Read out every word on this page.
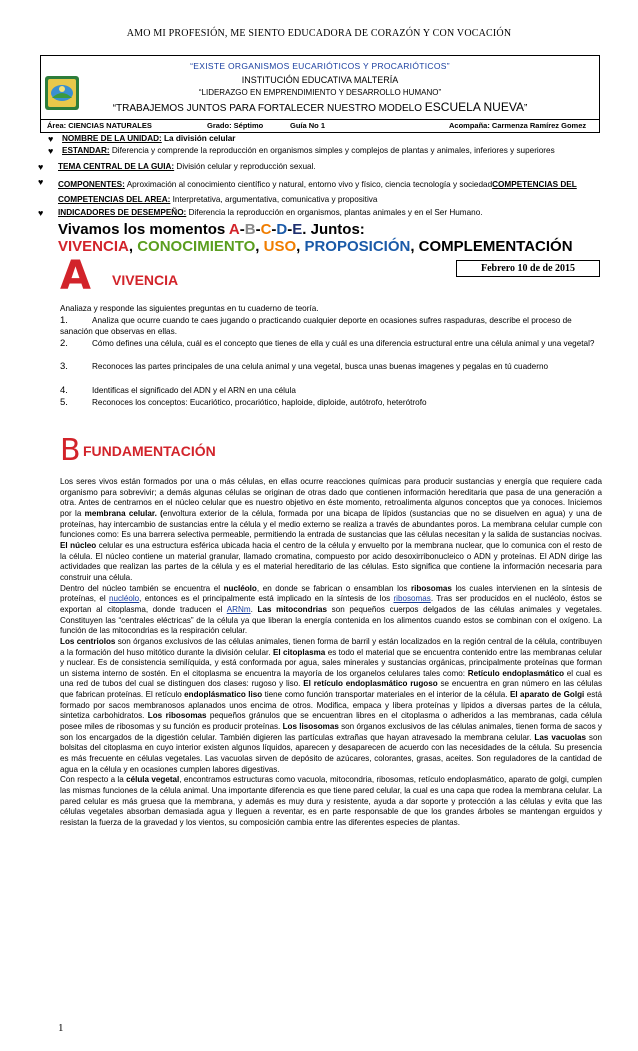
AMO MI PROFESIÓN, ME SIENTO EDUCADORA DE CORAZÓN Y CON VOCACIÓN
“EXISTE ORGANISMOS EUCARIÓTICOS Y PROCARIÓTICOS”
INSTITUCIÓN EDUCATIVA MALTERÍA
“LIDERAZGO EN EMPRENDIMIENTO Y DESARROLLO HUMANO”
“TRABAJEMOS JUNTOS PARA FORTALECER NUESTRO MODELO ESCUELA NUEVA”
Área: CIENCIAS NATURALES	Grado: Séptimo	Guía No 1	Acompaña: Carmenza Ramírez Gomez
♥ NOMBRE DE LA UNIDAD: La división celular
♥ ESTANDAR: Diferencia y comprende la reproducción en organismos simples y complejos de plantas y animales, inferiores y superiores
♥ TEMA CENTRAL DE LA GUIA: División celular y reproducción sexual.
♥ COMPONENTES: Aproximación al conocimiento científico y natural, entorno vivo y físico, ciencia tecnología y sociedadCOMPETENCIAS DEL COMPETENCIAS DEL AREA: Interpretativa, argumentativa, comunicativa y propositiva
♥ INDICADORES DE DESEMPEÑO: Diferencia la reproducción en organismos, plantas animales y en el Ser Humano.
Vivamos los momentos A-B-C-D-E. Juntos:
VIVENCIA, CONOCIMIENTO, USO, PROPOSICIÓN, COMPLEMENTACIÓN
Febrero 10 de de 2015
A VIVENCIA
Analiaza y responde las siguientes preguntas en tu cuaderno de teoría.
1.	Analiza que ocurre cuando te caes jugando o practicando cualquier deporte en ocasiones sufres raspaduras, describe el proceso de sanación que observas en ellas.
2.	Cómo defines una célula, cuál es el concepto que tienes de ella y cuál es una diferencia estructural entre una célula animal y una vegetal?
3.	Reconoces las partes principales de una celula animal y una vegetal, busca unas buenas imagenes y pegalas en tú cuaderno
4.	Identificas el significado del ADN y el ARN en una célula
5.	Reconoces los conceptos: Eucariótico, procariótico, haploide, diploide, autótrofo, heterótrofo
B FUNDAMENTACIÓN

Los seres vivos están formados por una o más células, en ellas ocurre reacciones químicas para producir sustancias y energía que requiere cada organismo para sobrevivir; a demás algunas células se originan de otras dado que contienen información hereditaria que pasa de una generación a otra. Antes de centrarnos en el núcleo celular que es nuestro objetivo en éste momento, retroalimenta algunos conceptos que ya conoces. Iniciemos por la membrana celular. (envoltura exterior de la célula, formada por una bicapa de lípidos (sustancias que no se disuelven en agua) y una de proteínas, hay intercambio de sustancias entre la célula y el medio externo se realiza a través de abundantes poros. La membrana celular cumple con funciones como: Es una barrera selectiva permeable, permitiendo la entrada de sustancias que las células necesitan y la salida de sustancias nocivas. El núcleo celular es una estructura esférica ubicada hacia el centro de la célula y envuelto por la membrana nuclear, que lo comunica con el resto de la célula. El núcleo contiene un material granular, llamado cromatina, compuesto por acido desoxirribonucleico o ADN y proteínas. El ADN dirige las actividades que realizan las partes de la célula y es el material hereditario de las células. Esto significa que contiene la información necesaria para construir una célula.

Dentro del núcleo también se encuentra el nucléolo, en donde se fabrican o ensamblan los ribosomas los cuales intervienen en la síntesis de proteínas, el nucléolo, entonces es el principalmente está implicado en la síntesis de los ribosomas. Tras ser producidos en el nucléolo, éstos se exportan al citoplasma, donde traducen el ARNm. Las mitocondrias son pequeños cuerpos delgados de las células animales y vegetales. Constituyen las “centrales eléctricas” de la célula ya que liberan la energía contenida en los alimentos cuando estos se combinan con el oxígeno. La función de las mitocondrias es la respiración celular.

Los centriolos son órganos exclusivos de las células animales, tienen forma de barril y están localizados en la región central de la célula, contribuyen a la formación del huso mitótico durante la división celular. El citoplasma es todo el material que se encuentra contenido entre las membranas celular y nuclear. Es de consistencia semilíquida, y está conformada por agua, sales minerales y sustancias orgánicas, principalmente proteínas que forman un sistema interno de sostén. En el citoplasma se encuentra la mayoría de los organelos celulares tales como: Retículo endoplasmático el cual es una red de tubos del cual se distinguen dos clases: rugoso y liso. El retículo endoplasmático rugoso se encuentra en gran número en las células que fabrican proteínas. El retículo endoplásmatico liso tiene como función transportar materiales en el interior de la célula. El aparato de Golgi está formado por sacos membranosos aplanados unos encima de otros. Modifica, empaca y libera proteínas y lípidos a diversas partes de la célula, sintetiza carbohidratos. Los ribosomas pequeños gránulos que se encuentran libres en el citoplasma o adheridos a las membranas, cada célula posee miles de ribosomas y su función es producir proteínas. Los lisosomas son órganos exclusivos de las células animales, tienen forma de sacos y son los encargados de la digestión celular. También digieren las partículas extrañas que hayan atravesado la membrana celular. Las vacuolas son bolsitas del citoplasma en cuyo interior existen algunos líquidos, aparecen y desaparecen de acuerdo con las necesidades de la célula. Su presencia es más frecuente en células vegetales. Las vacuolas sirven de depósito de azúcares, colorantes, grasas, aceites. Son reguladores de la cantidad de agua en la célula y en ocasiones cumplen labores digestivas.

Con respecto a la célula vegetal, encontramos estructuras como vacuola, mitocondria, ribosomas, retículo endoplasmático, aparato de golgi, cumplen las mismas funciones de la célula animal. Una importante diferencia es que tiene pared celular, la cual es una capa que rodea la membrana celular. La pared celular es más gruesa que la membrana, y además es muy dura y resistente, ayuda a dar soporte y protección a las células y evita que las células vegetales absorban demasiada agua y lleguen a reventar, es en parte responsable de que los grandes árboles se mantengan erguidos y resistan la fuerza de la gravedad y los vientos, su composición cambia entre las diferentes especies de plantas.

1
